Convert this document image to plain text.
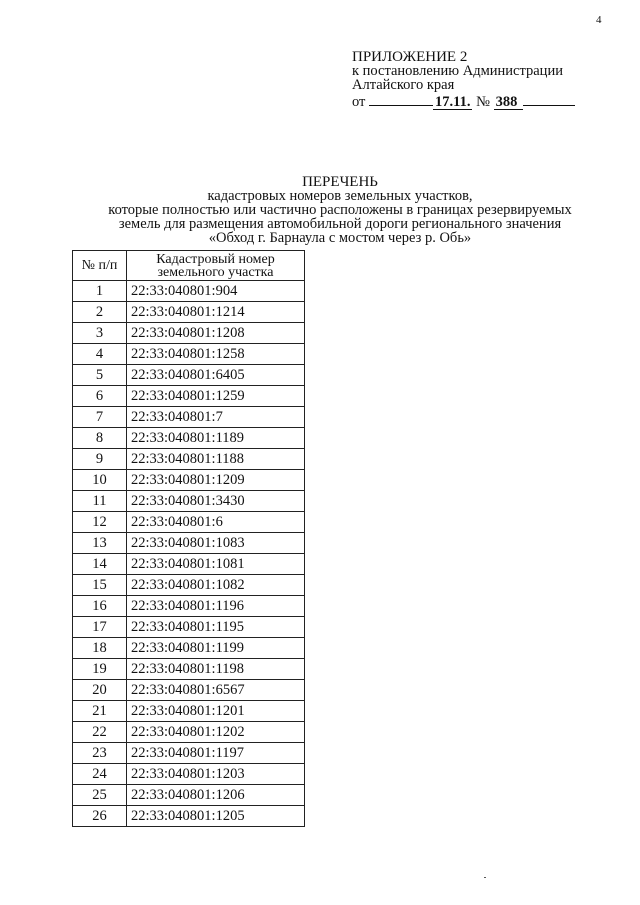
4
ПРИЛОЖЕНИЕ 2
к постановлению Администрации
Алтайского края
от	17.11. № 388
ПЕРЕЧЕНЬ
кадастровых номеров земельных участков,
которые полностью или частично расположены в границах резервируемых
земель для размещения автомобильной дороги регионального значения
«Обход г. Барнаула с мостом через р. Обь»
№ п/п	Кадастровый номер
земельного участка

1	22:33:040801:904
2	22:33:040801:1214
3	22:33:040801:1208
4	22:33:040801:1258
5	22:33:040801:6405
6	22:33:040801:1259
7	22:33:040801:7
8	22:33:040801:1189
9	22:33:040801:1188
10	22:33:040801:1209
11	22:33:040801:3430
12	22:33:040801:6
13	22:33:040801:1083
14	22:33:040801:1081
15	22:33:040801:1082
16	22:33:040801:1196
17	22:33:040801:1195
18	22:33:040801:1199
19	22:33:040801:1198
20	22:33:040801:6567
21	22:33:040801:1201
22	22:33:040801:1202
23	22:33:040801:1197
24	22:33:040801:1203
25	22:33:040801:1206
26	22:33:040801:1205
